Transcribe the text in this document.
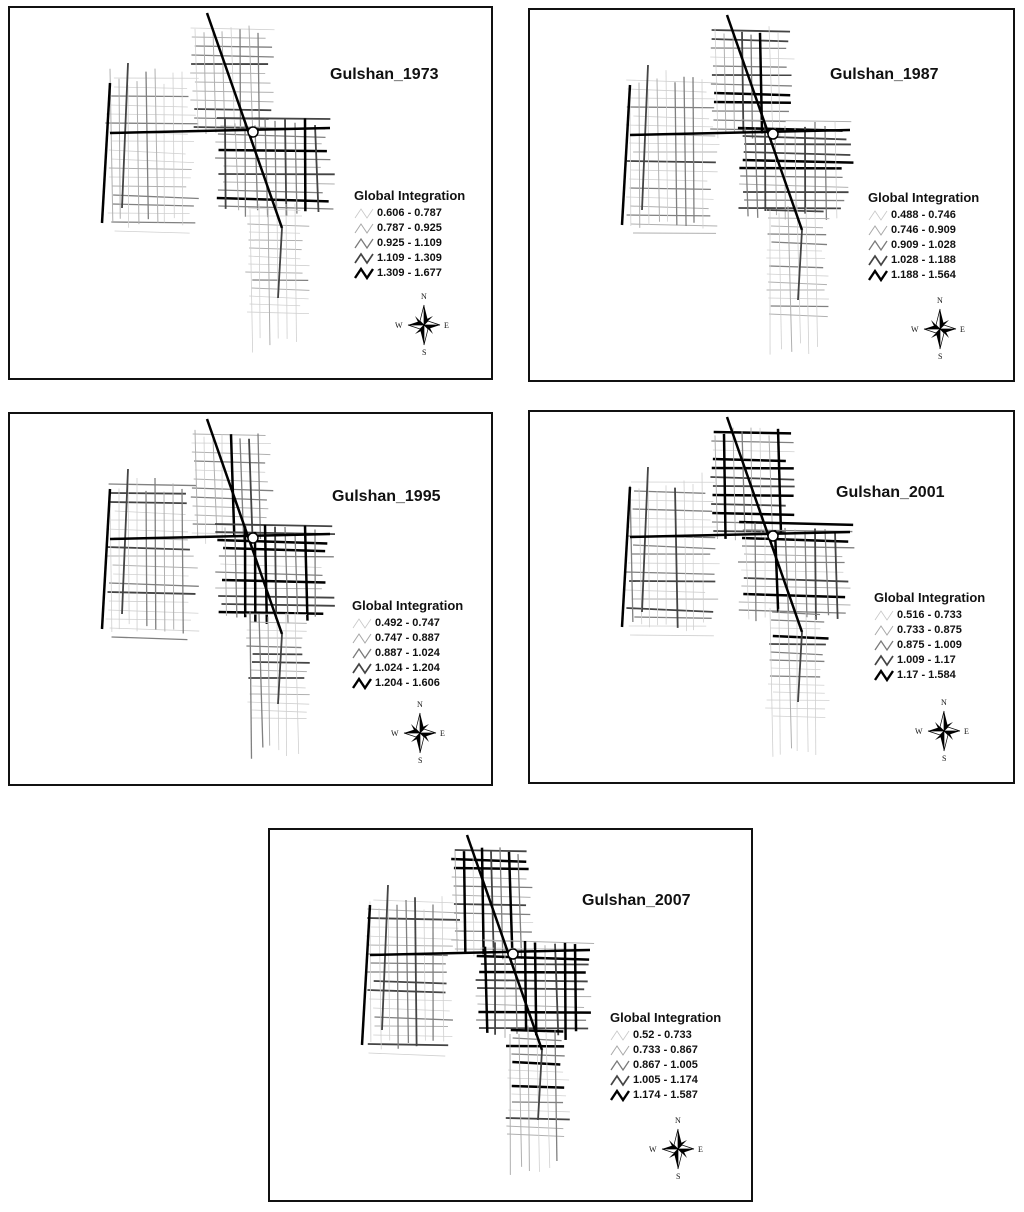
Gulshan_1973
Global Integration
0.606 - 0.787
0.787 - 0.925
0.925 - 1.109
1.109 - 1.309
1.309 - 1.677
N
S
E
W
Gulshan_1987
Global Integration
0.488 - 0.746
0.746 - 0.909
0.909 - 1.028
1.028 - 1.188
1.188 - 1.564
N
S
E
W
Gulshan_1995
Global Integration
0.492 - 0.747
0.747 - 0.887
0.887 - 1.024
1.024 - 1.204
1.204 - 1.606
N
S
E
W
Gulshan_2001
Global Integration
0.516 - 0.733
0.733 - 0.875
0.875 - 1.009
1.009 - 1.17
1.17 - 1.584
N
S
E
W
Gulshan_2007
Global Integration
0.52 - 0.733
0.733 - 0.867
0.867 - 1.005
1.005 - 1.174
1.174 - 1.587
N
S
E
W
